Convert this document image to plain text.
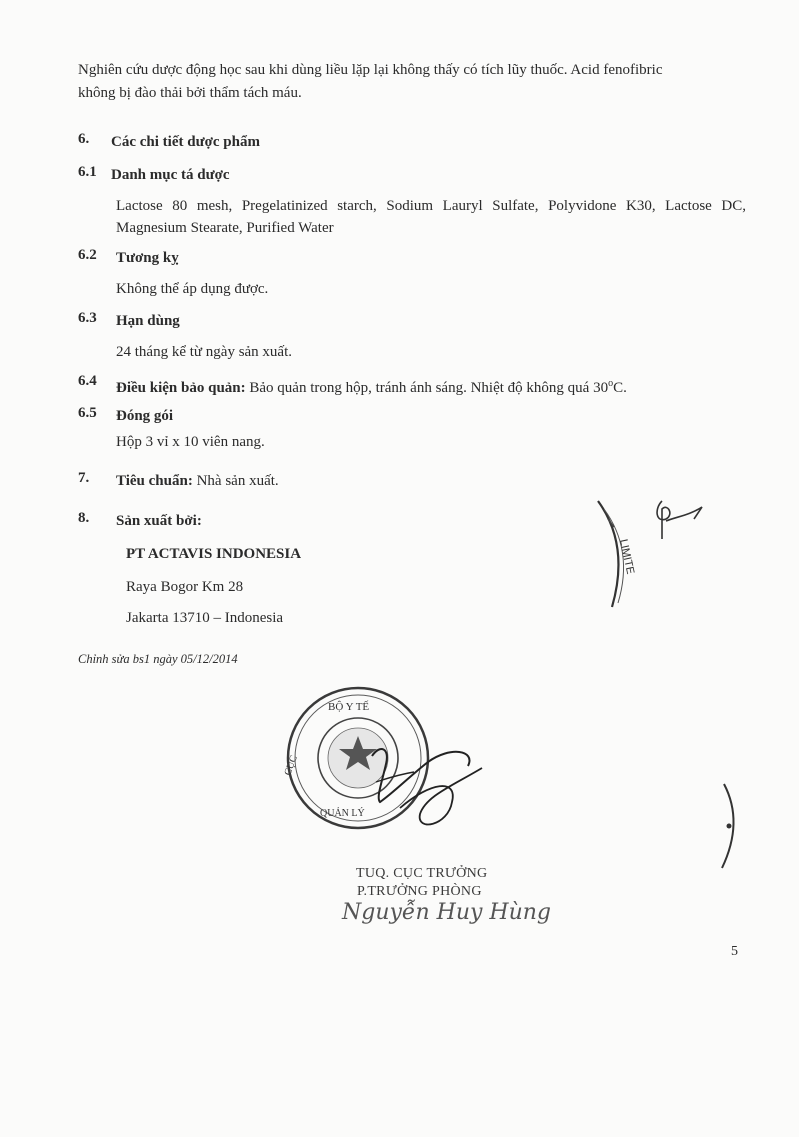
Nghiên cứu dược động học sau khi dùng liều lặp lại không thấy có tích lũy thuốc. Acid fenofibric
không bị đào thải bởi thẩm tách máu.
6. Các chi tiết dược phẩm
6.1 Danh mục tá dược
Lactose 80 mesh, Pregelatinized starch, Sodium Lauryl Sulfate, Polyvidone K30, Lactose DC, Magnesium Stearate, Purified Water
6.2 Tương kỵ
Không thể áp dụng được.
6.3 Hạn dùng
24 tháng kể từ ngày sản xuất.
6.4 Điều kiện bảo quản: Bảo quản trong hộp, tránh ánh sáng. Nhiệt độ không quá 30$^o$C.
6.5 Đóng gói
Hộp 3 vỉ x 10 viên nang.
7. Tiêu chuẩn: Nhà sản xuất.
8. Sản xuất bởi:
PT ACTAVIS INDONESIA
Raya Bogor Km 28
Jakarta 13710 – Indonesia
Chỉnh sửa bs1 ngày 05/12/2014
LIMITE
BỘ Y TẾ
CỤC
QUẢN LÝ
TUQ. CỤC TRƯỞNG
P.TRƯỞNG PHÒNG
Nguyễn Huy Hùng
5
